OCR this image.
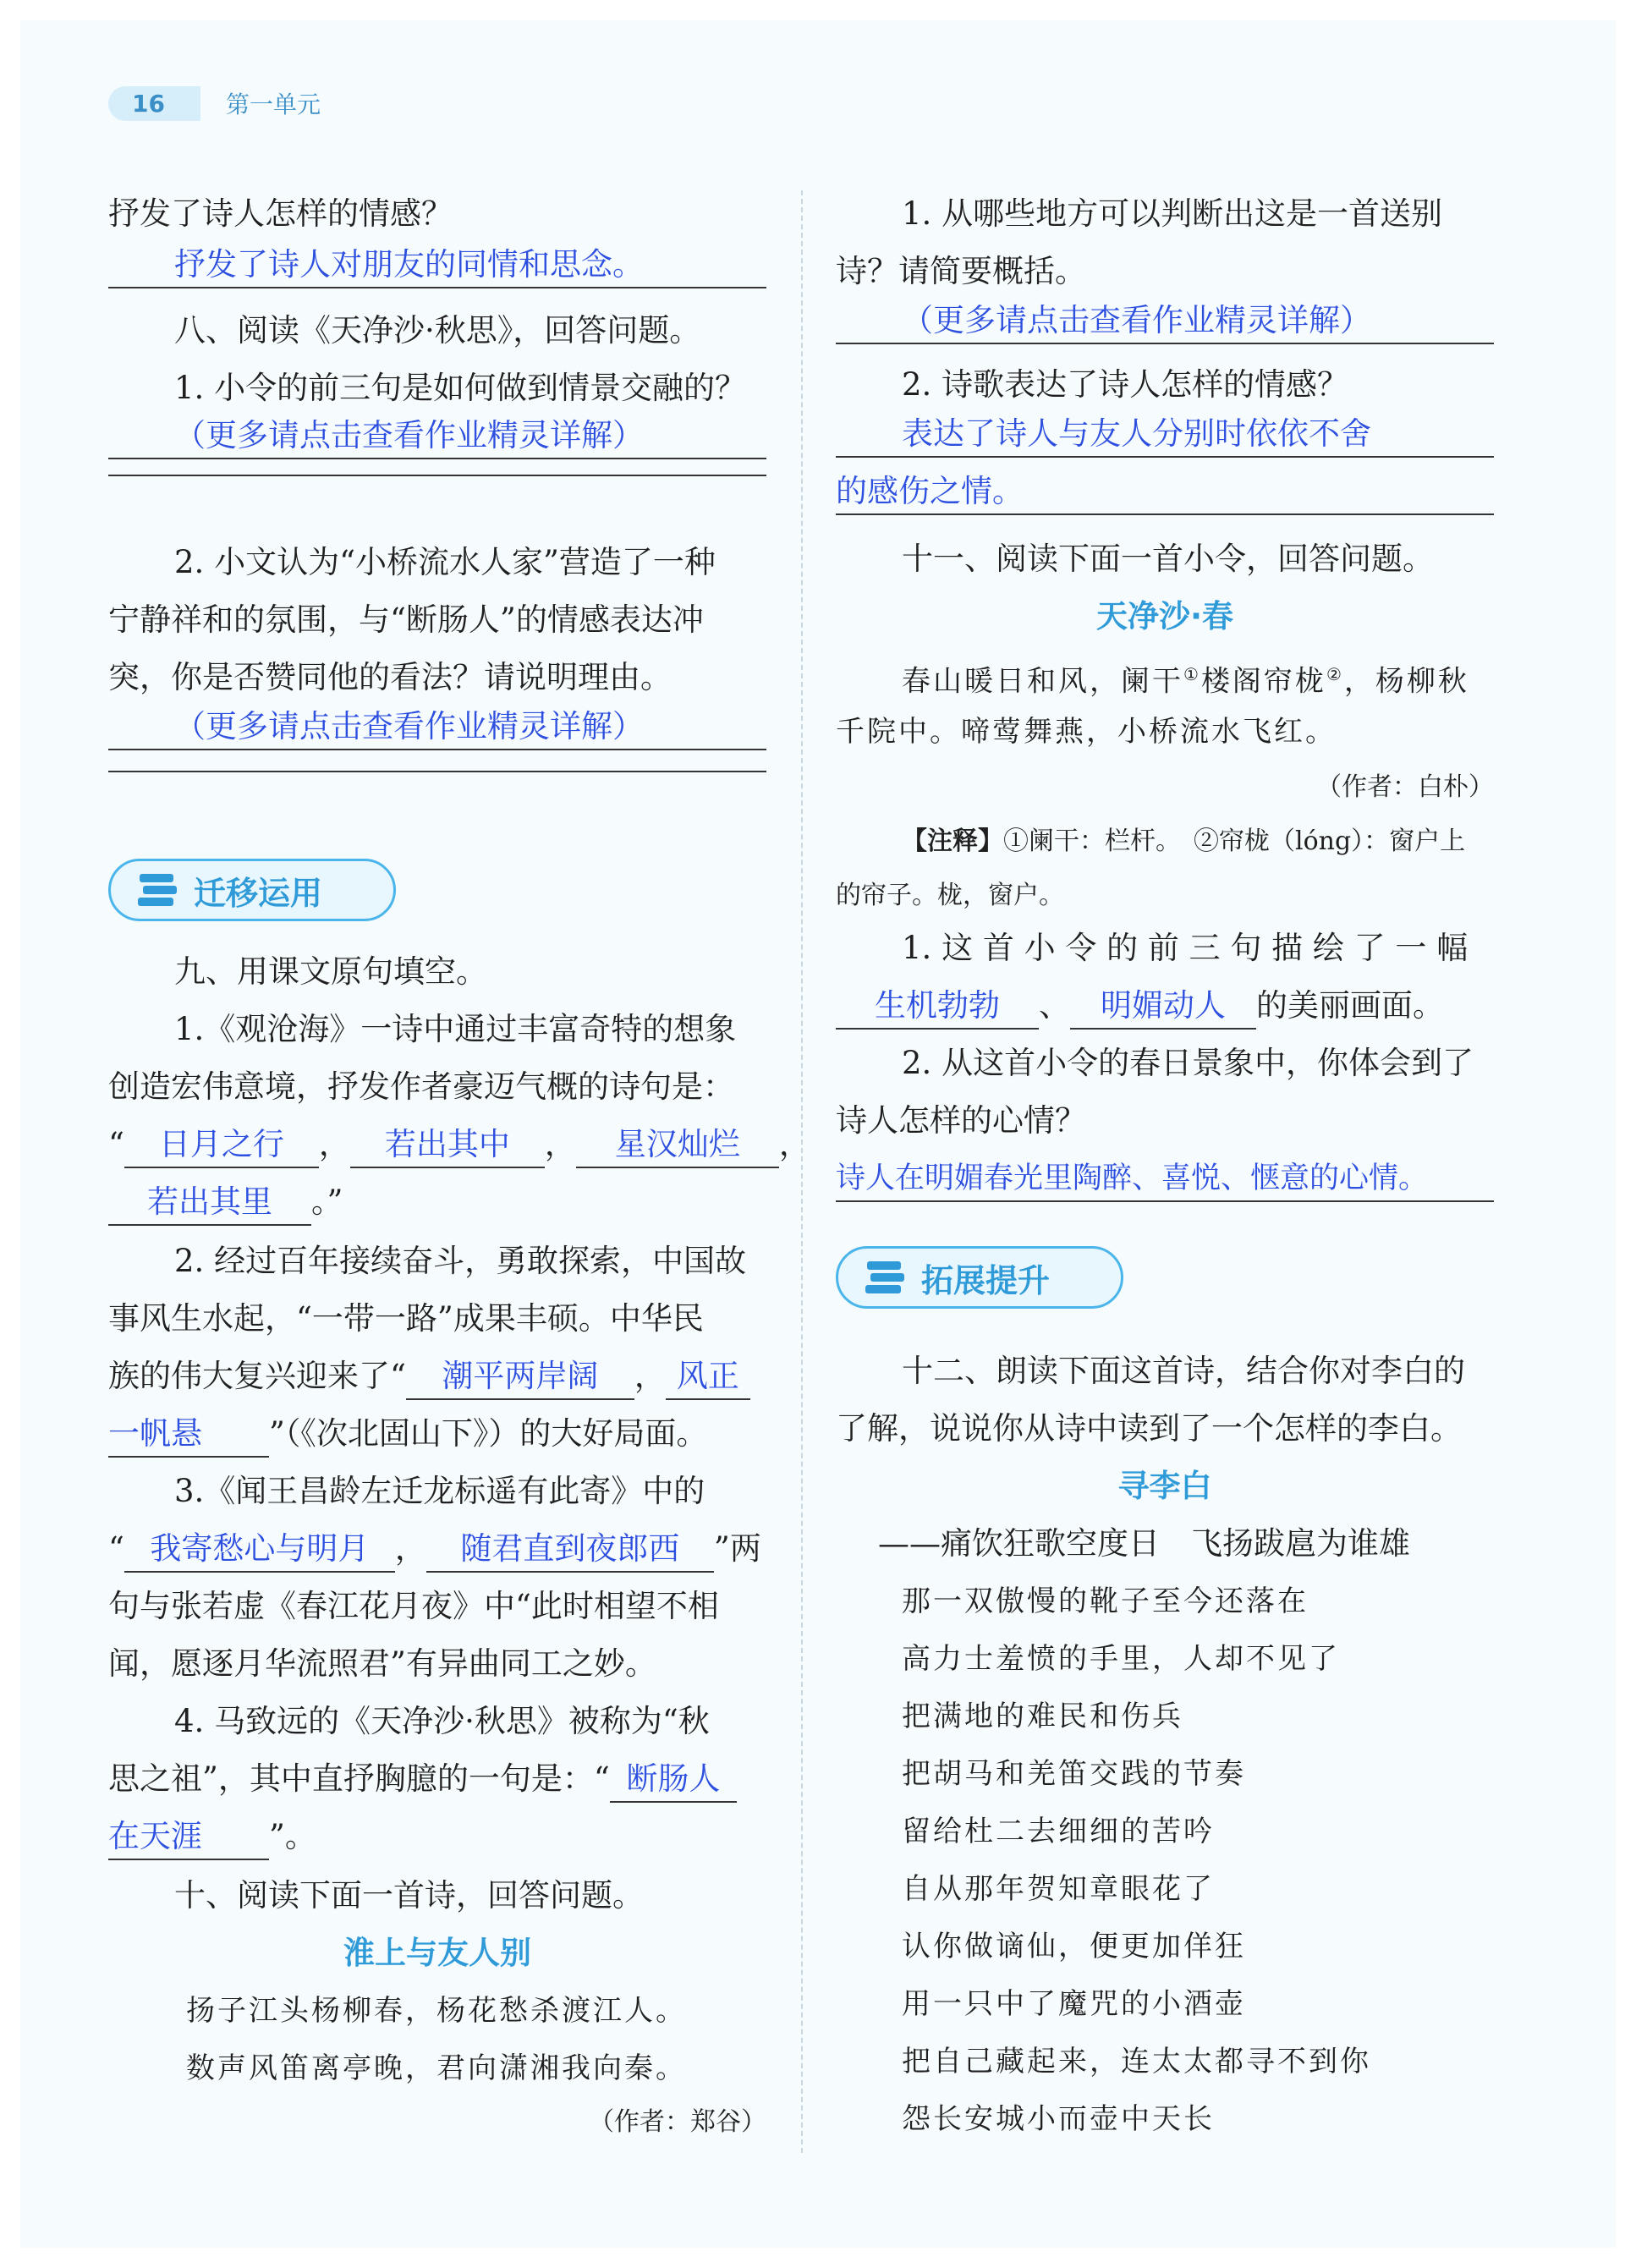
16	第一单元
抒发了诗人怎样的情感？
抒发了诗人对朋友的同情和思念。
八、阅读《天净沙·秋思》，回答问题。
1. 小令的前三句是如何做到情景交融的？
（更多请点击查看作业精灵详解）
2. 小文认为“小桥流水人家”营造了一种
宁静祥和的氛围，与“断肠人”的情感表达冲
突，你是否赞同他的看法？请说明理由。
（更多请点击查看作业精灵详解）
迁移运用
九、用课文原句填空。
1.《观沧海》一诗中通过丰富奇特的想象
创造宏伟意境，抒发作者豪迈气概的诗句是：
“ 日月之行 ， 若出其中 ， 星汉灿烂 ，
若出其里 。”
2. 经过百年接续奋斗，勇敢探索，中国故
事风生水起，“一带一路”成果丰硕。中华民
族的伟大复兴迎来了“ 潮平两岸阔 ， 风正
一帆悬 ”（《次北固山下》）的大好局面。
3.《闻王昌龄左迁龙标遥有此寄》中的
“ 我寄愁心与明月 ， 随君直到夜郎西 ”两
句与张若虚《春江花月夜》中“此时相望不相
闻，愿逐月华流照君”有异曲同工之妙。
4. 马致远的《天净沙·秋思》被称为“秋
思之祖”，其中直抒胸臆的一句是：“ 断肠人
在天涯 ”。
十、阅读下面一首诗，回答问题。
淮上与友人别
扬子江头杨柳春，杨花愁杀渡江人。
数声风笛离亭晚，君向潇湘我向秦。
（作者：郑谷）
1. 从哪些地方可以判断出这是一首送别
诗？请简要概括。
（更多请点击查看作业精灵详解）
2. 诗歌表达了诗人怎样的情感？
表达了诗人与友人分别时依依不舍
的感伤之情。
十一、阅读下面一首小令，回答问题。
天净沙·春
春山暖日和风，阑干①楼阁帘栊②，杨柳秋
千院中。啼莺舞燕，小桥流水飞红。
（作者：白朴）
【注释】①阑干：栏杆。　②帘栊（lóng）：窗户上
的帘子。栊，窗户。
1. 这 首 小 令 的 前 三 句 描 绘 了 一 幅
生机勃勃 、 明媚动人 的美丽画面。
2. 从这首小令的春日景象中，你体会到了
诗人怎样的心情？
诗人在明媚春光里陶醉、喜悦、惬意的心情。
拓展提升
十二、朗读下面这首诗，结合你对李白的
了解，说说你从诗中读到了一个怎样的李白。
寻李白
——痛饮狂歌空度日　飞扬跋扈为谁雄
那一双傲慢的靴子至今还落在
高力士羞愤的手里，人却不见了
把满地的难民和伤兵
把胡马和羌笛交践的节奏
留给杜二去细细的苦吟
自从那年贺知章眼花了
认你做谪仙，便更加佯狂
用一只中了魔咒的小酒壶
把自己藏起来，连太太都寻不到你
怨长安城小而壶中天长
